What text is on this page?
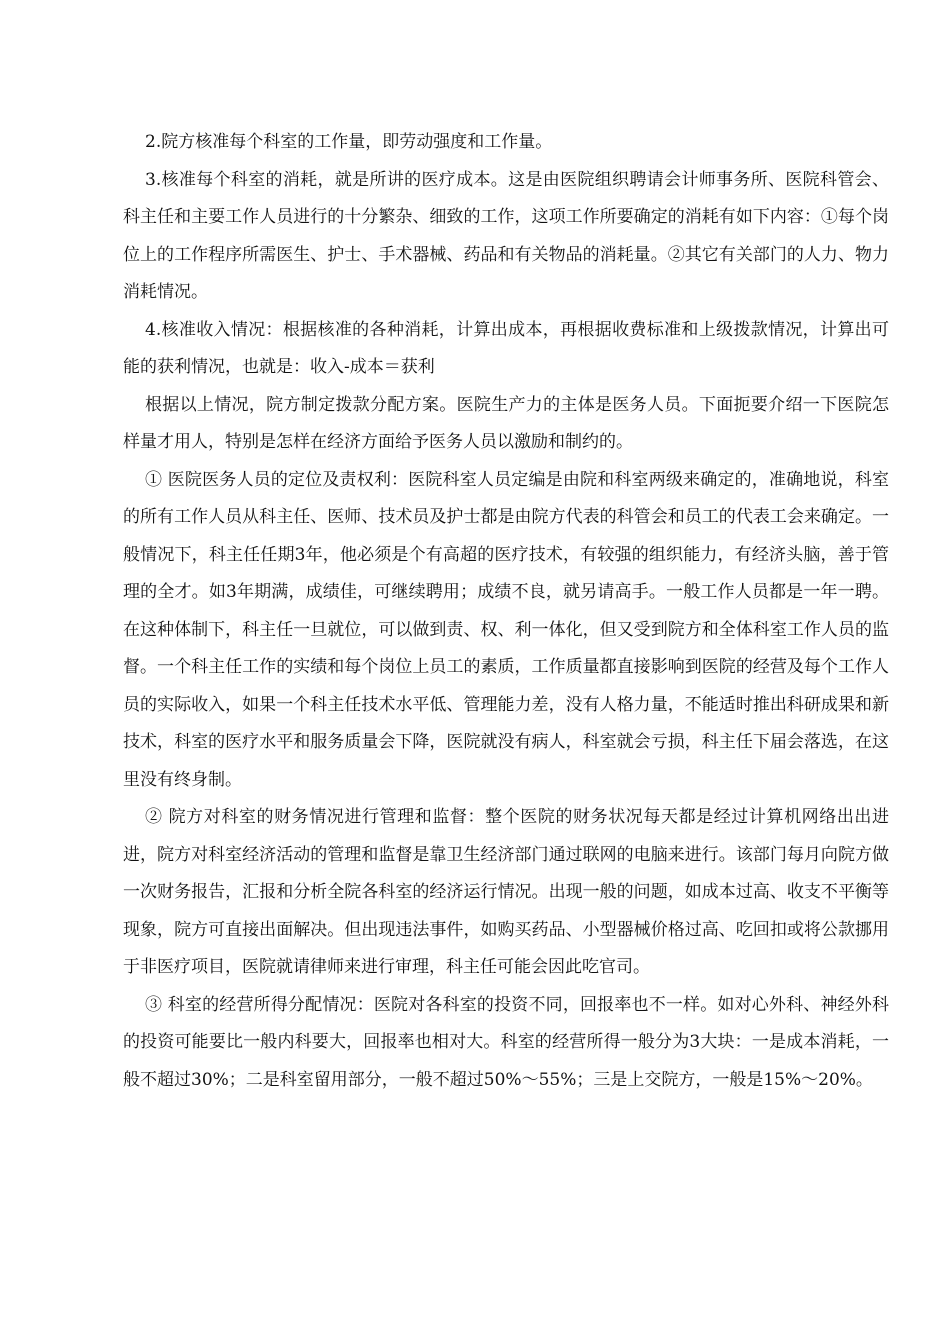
2.院方核准每个科室的工作量，即劳动强度和工作量。

3.核准每个科室的消耗，就是所讲的医疗成本。这是由医院组织聘请会计师事务所、医院科管会、科主任和主要工作人员进行的十分繁杂、细致的工作，这项工作所要确定的消耗有如下内容：①每个岗位上的工作程序所需医生、护士、手术器械、药品和有关物品的消耗量。②其它有关部门的人力、物力消耗情况。

4.核准收入情况：根据核准的各种消耗，计算出成本，再根据收费标准和上级拨款情况，计算出可能的获利情况，也就是：收入-成本＝获利

根据以上情况，院方制定拨款分配方案。医院生产力的主体是医务人员。下面扼要介绍一下医院怎样量才用人，特别是怎样在经济方面给予医务人员以激励和制约的。

① 医院医务人员的定位及责权利：医院科室人员定编是由院和科室两级来确定的，准确地说，科室的所有工作人员从科主任、医师、技术员及护士都是由院方代表的科管会和员工的代表工会来确定。一般情况下，科主任任期3年，他必须是个有高超的医疗技术，有较强的组织能力，有经济头脑，善于管理的全才。如3年期满，成绩佳，可继续聘用；成绩不良，就另请高手。一般工作人员都是一年一聘。在这种体制下，科主任一旦就位，可以做到责、权、利一体化，但又受到院方和全体科室工作人员的监督。一个科主任工作的实绩和每个岗位上员工的素质，工作质量都直接影响到医院的经营及每个工作人员的实际收入，如果一个科主任技术水平低、管理能力差，没有人格力量，不能适时推出科研成果和新技术，科室的医疗水平和服务质量会下降，医院就没有病人，科室就会亏损，科主任下届会落选，在这里没有终身制。

② 院方对科室的财务情况进行管理和监督：整个医院的财务状况每天都是经过计算机网络出出进进，院方对科室经济活动的管理和监督是靠卫生经济部门通过联网的电脑来进行。该部门每月向院方做一次财务报告，汇报和分析全院各科室的经济运行情况。出现一般的问题，如成本过高、收支不平衡等现象，院方可直接出面解决。但出现违法事件，如购买药品、小型器械价格过高、吃回扣或将公款挪用于非医疗项目，医院就请律师来进行审理，科主任可能会因此吃官司。

③ 科室的经营所得分配情况：医院对各科室的投资不同，回报率也不一样。如对心外科、神经外科的投资可能要比一般内科要大，回报率也相对大。科室的经营所得一般分为3大块：一是成本消耗，一般不超过30%；二是科室留用部分，一般不超过50%～55%；三是上交院方，一般是15%～20%。
